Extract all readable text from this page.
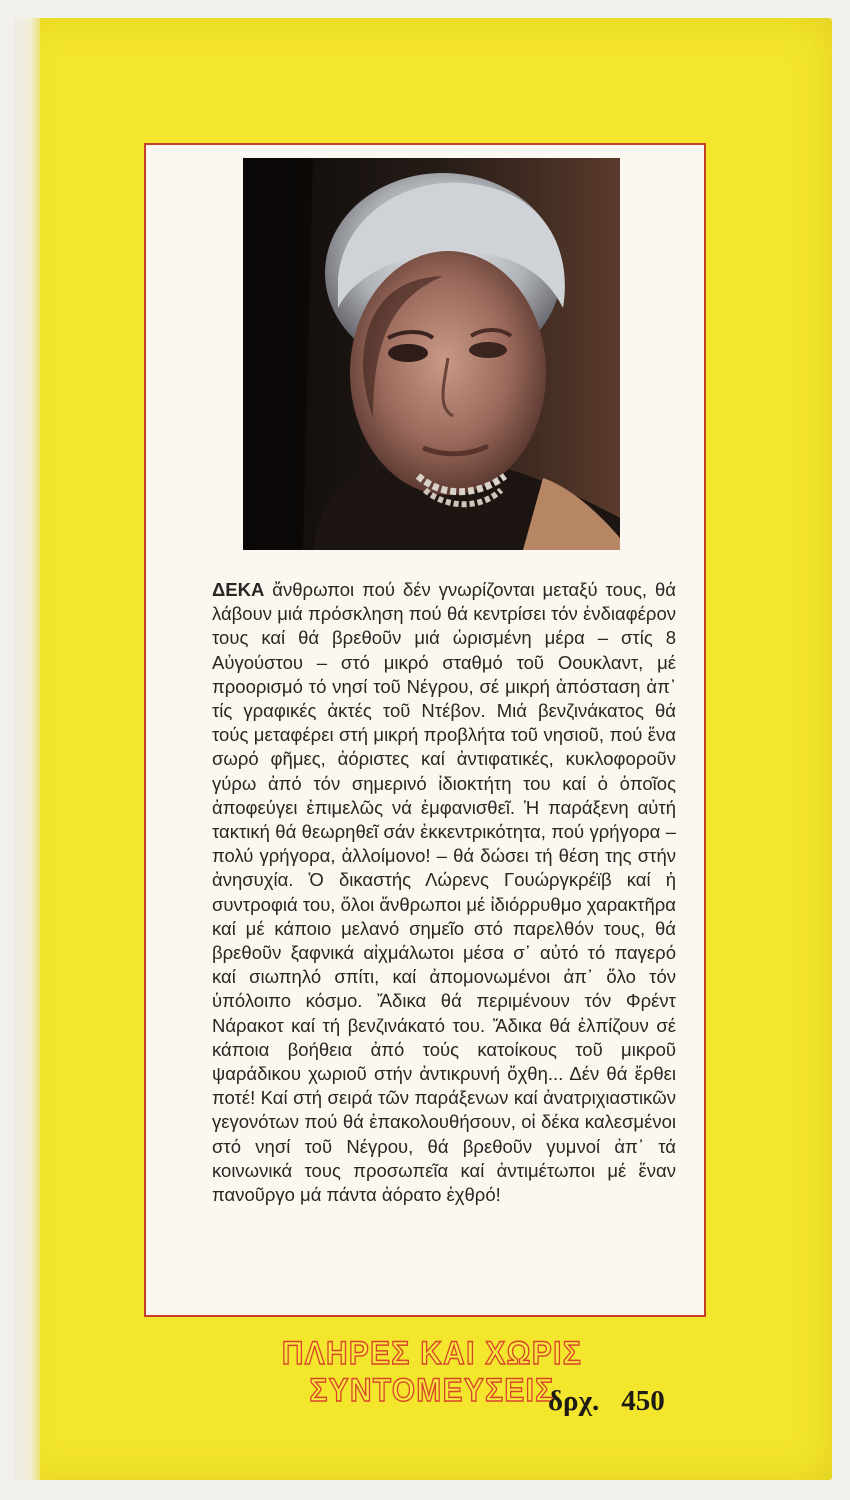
ΔΕΚΑ ἄνθρωποι πού δέν γνωρίζονται μεταξύ τους, θά λάβουν μιά πρόσκληση πού θά κεντρίσει τόν ἐνδιαφέρον τους καί θά βρεθοῦν μιά ὡρισμένη μέρα – στίς 8 Αὐγούστου – στό μικρό σταθμό τοῦ Οουκλαντ, μέ προορισμό τό νησί τοῦ Νέγρου, σέ μικρή ἀπόσταση ἀπ᾿ τίς γραφικές ἀκτές τοῦ Ντέβον. Μιά βενζινάκατος θά τούς μεταφέρει στή μικρή προβλήτα τοῦ νησιοῦ, πού ἕνα σωρό φῆμες, ἀόριστες καί ἀντιφατικές, κυκλοφοροῦν γύρω ἀπό τόν σημερινό ἰδιοκτήτη του καί ὁ ὁποῖος ἀποφεύγει ἐπιμελῶς νά ἐμφανισθεῖ. Ἡ παράξενη αὐτή τακτική θά θεωρηθεῖ σάν ἐκκεντρικότητα, πού γρήγορα – πολύ γρήγορα, ἀλλοίμονο! – θά δώσει τή θέση της στήν ἀνησυχία. Ὁ δικαστής Λώρενς Γουώργκρέϊβ καί ἡ συντροφιά του, ὅλοι ἄνθρωποι μέ ἰδιόρρυθμο χαρακτῆρα καί μέ κάποιο μελανό σημεῖο στό παρελθόν τους, θά βρεθοῦν ξαφνικά αἰχμάλωτοι μέσα σ᾿ αὐτό τό παγερό καί σιωπηλό σπίτι, καί ἀπομονωμένοι ἀπ᾿ ὅλο τόν ὑπόλοιπο κόσμο. Ἄδικα θά περιμένουν τόν Φρέντ Νάρακοτ καί τή βενζινάκατό του. Ἄδικα θά ἐλπίζουν σέ κάποια βοήθεια ἀπό τούς κατοίκους τοῦ μικροῦ ψαράδικου χωριοῦ στήν ἀντικρυνή ὄχθη... Δέν θά ἔρθει ποτέ! Καί στή σειρά τῶν παράξενων καί ἀνατριχιαστικῶν γεγονότων πού θά ἐπακολουθήσουν, οἱ δέκα καλεσμένοι στό νησί τοῦ Νέγρου, θά βρεθοῦν γυμνοί ἀπ᾿ τά κοινωνικά τους προσωπεῖα καί ἀντιμέτωποι μέ ἕναν πανοῦργο μά πάντα ἀόρατο ἐχθρό!

ΠΛΗΡΕΣ ΚΑΙ ΧΩΡΙΣ ΣΥΝΤΟΜΕΥΣΕΙΣ
δρχ. 450
